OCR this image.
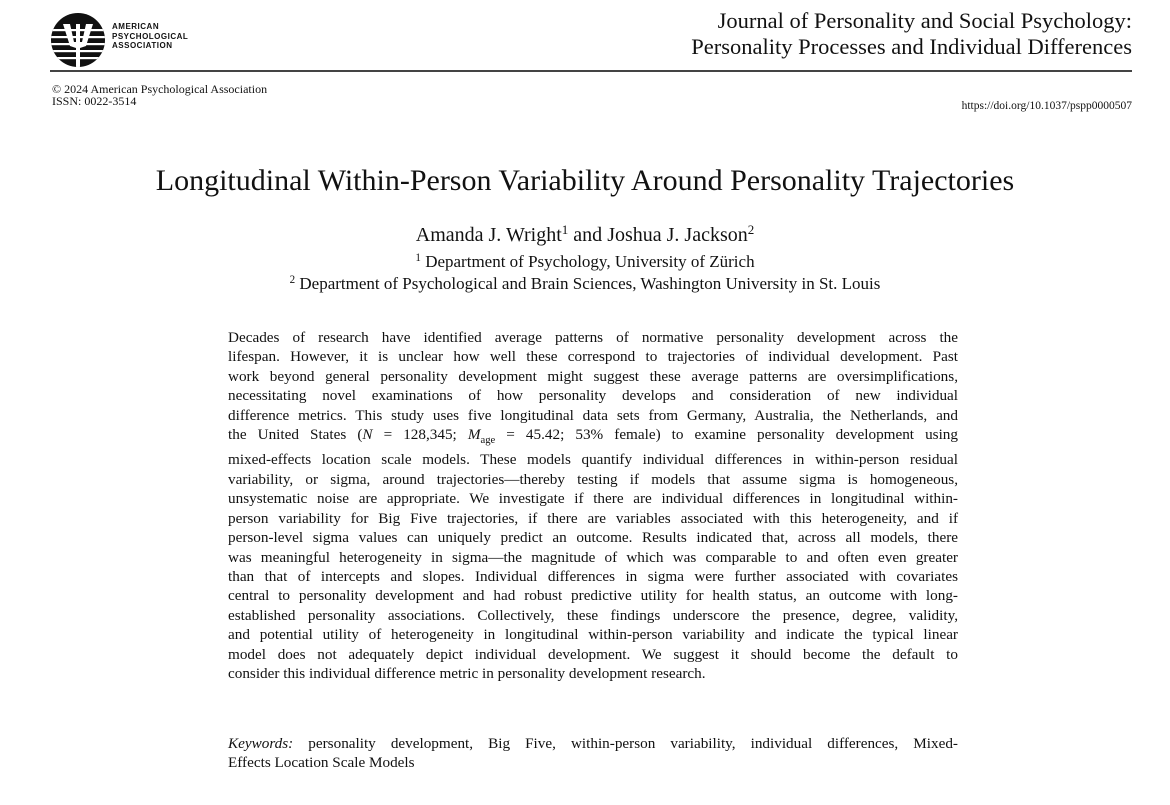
AMERICAN
PSYCHOLOGICAL
ASSOCIATION
Journal of Personality and Social Psychology:
Personality Processes and Individual Differences
© 2024 American Psychological Association
ISSN: 0022-3514	https://doi.org/10.1037/pspp0000507
Longitudinal Within-Person Variability Around Personality Trajectories
Amanda J. Wright$^1$ and Joshua J. Jackson$^2$
$^1$ Department of Psychology, University of Zürich
$^2$ Department of Psychological and Brain Sciences, Washington University in St. Louis
Decades of research have identified average patterns of normative personality development across the
lifespan. However, it is unclear how well these correspond to trajectories of individual development. Past
work beyond general personality development might suggest these average patterns are oversimplifications,
necessitating novel examinations of how personality develops and consideration of new individual
difference metrics. This study uses five longitudinal data sets from Germany, Australia, the Netherlands, and
the United States (N = 128,345; $M_{age} = 45.42$; 53% female) to examine personality development using
mixed-effects location scale models. These models quantify individual differences in within-person residual
variability, or sigma, around trajectories—thereby testing if models that assume sigma is homogeneous,
unsystematic noise are appropriate. We investigate if there are individual differences in longitudinal within-
person variability for Big Five trajectories, if there are variables associated with this heterogeneity, and if
person-level sigma values can uniquely predict an outcome. Results indicated that, across all models, there
was meaningful heterogeneity in sigma—the magnitude of which was comparable to and often even greater
than that of intercepts and slopes. Individual differences in sigma were further associated with covariates
central to personality development and had robust predictive utility for health status, an outcome with long-
established personality associations. Collectively, these findings underscore the presence, degree, validity,
and potential utility of heterogeneity in longitudinal within-person variability and indicate the typical linear
model does not adequately depict individual development. We suggest it should become the default to
consider this individual difference metric in personality development research.
Keywords: personality development, Big Five, within-person variability, individual differences, Mixed-
Effects Location Scale Models
